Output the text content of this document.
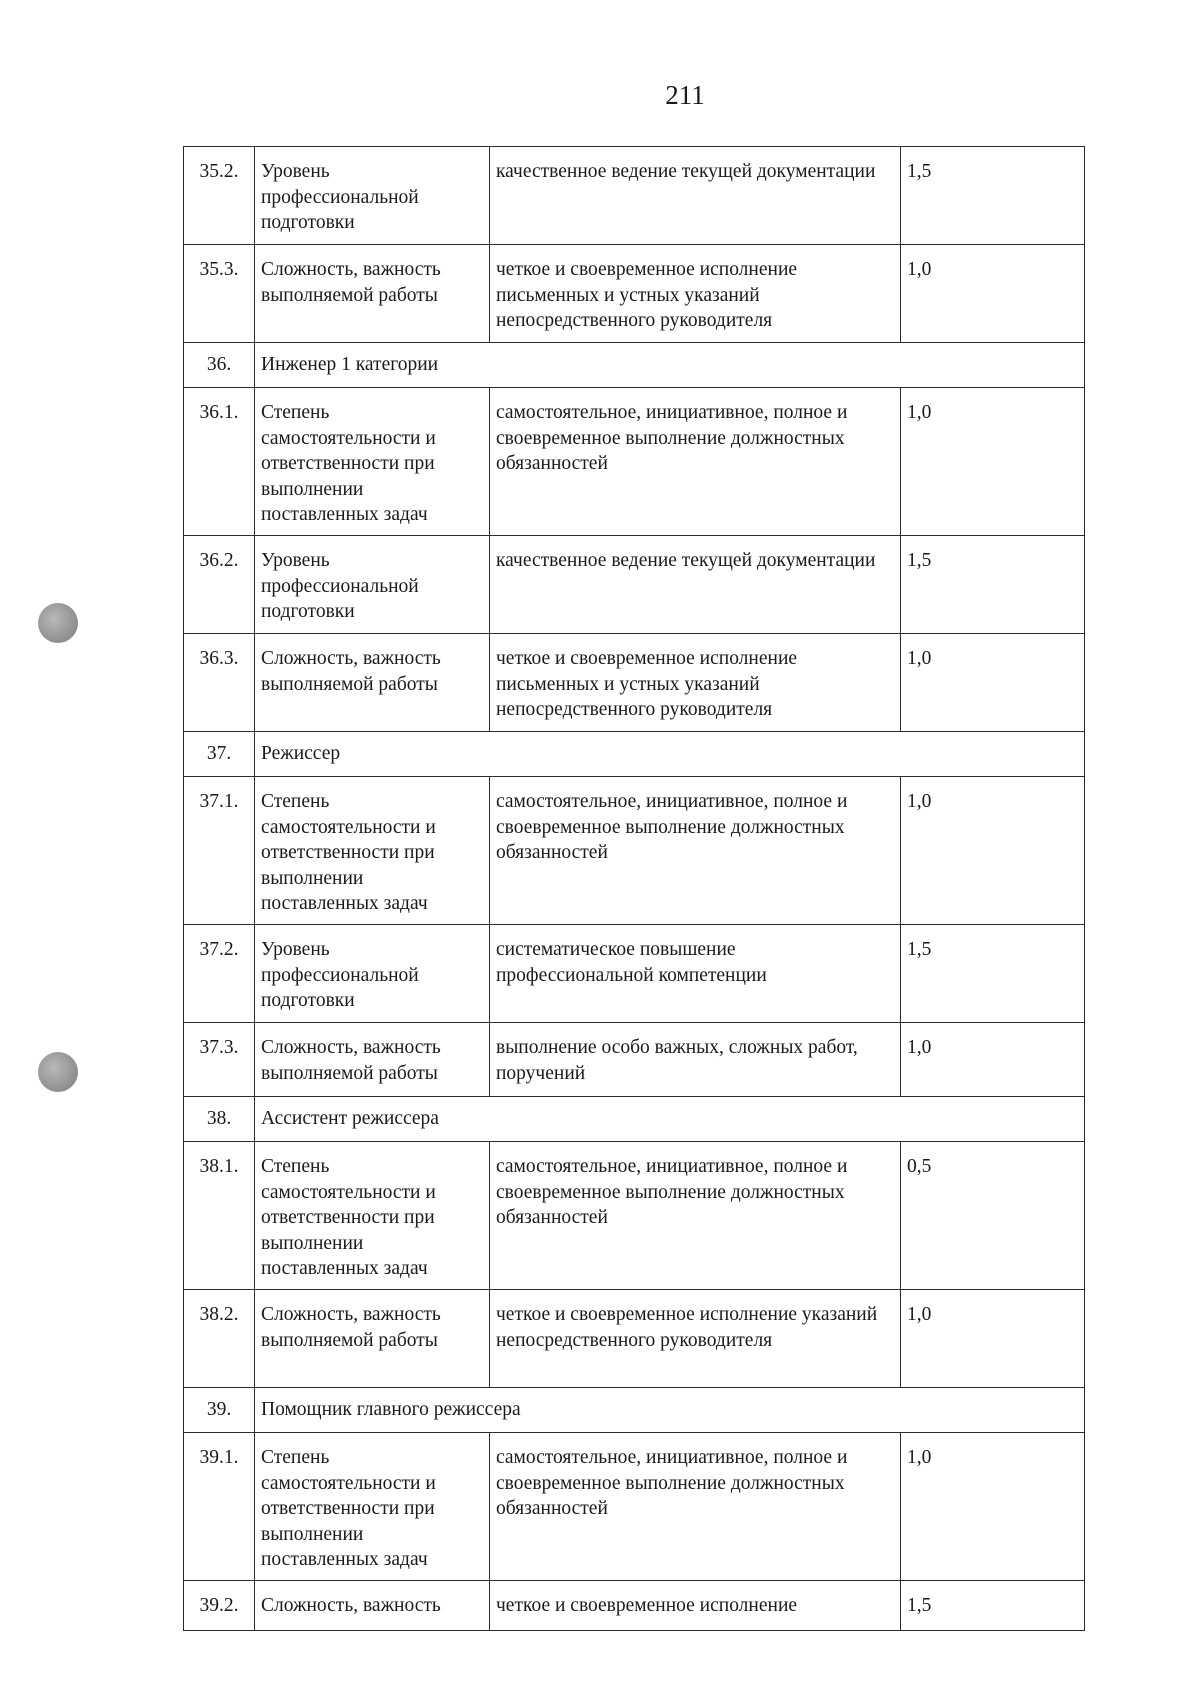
211
35.2.	Уровень профессиональной подготовки	качественное ведение текущей документации	1,5
35.3.	Сложность, важность выполняемой работы	четкое и своевременное исполнение письменных и устных указаний непосредственного руководителя	1,0
36.	Инженер 1 категории		
36.1.	Степень самостоятельности и ответственности при выполнении поставленных задач	самостоятельное, инициативное, полное и своевременное выполнение должностных обязанностей	1,0
36.2.	Уровень профессиональной подготовки	качественное ведение текущей документации	1,5
36.3.	Сложность, важность выполняемой работы	четкое и своевременное исполнение письменных и устных указаний непосредственного руководителя	1,0
37.	Режиссер		
37.1.	Степень самостоятельности и ответственности при выполнении поставленных задач	самостоятельное, инициативное, полное и своевременное выполнение должностных обязанностей	1,0
37.2.	Уровень профессиональной подготовки	систематическое повышение профессиональной компетенции	1,5
37.3.	Сложность, важность выполняемой работы	выполнение особо важных, сложных работ, поручений	1,0
38.	Ассистент режиссера		
38.1.	Степень самостоятельности и ответственности при выполнении поставленных задач	самостоятельное, инициативное, полное и своевременное выполнение должностных обязанностей	0,5
38.2.	Сложность, важность выполняемой работы	четкое и своевременное исполнение указаний непосредственного руководителя	1,0
39.	Помощник главного режиссера		
39.1.	Степень самостоятельности и ответственности при выполнении поставленных задач	самостоятельное, инициативное, полное и своевременное выполнение должностных обязанностей	1,0
39.2.	Сложность, важность	четкое и своевременное исполнение	1,5
